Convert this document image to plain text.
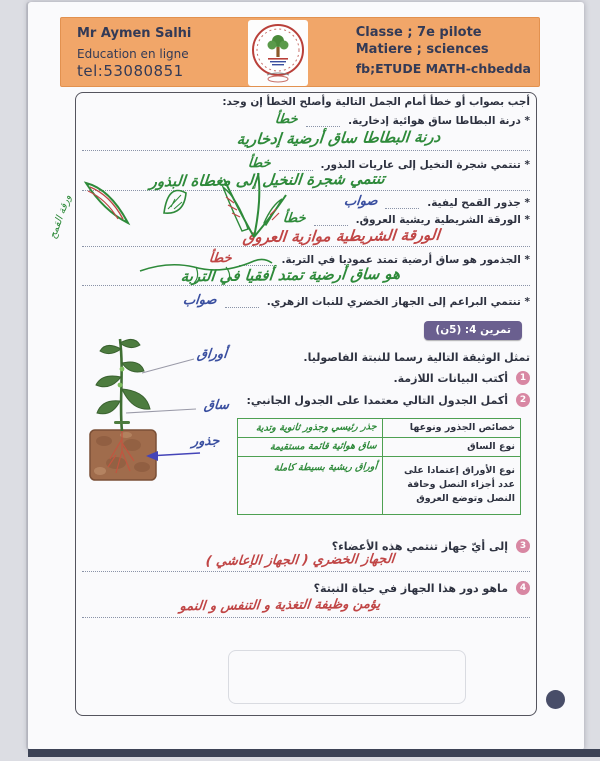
Mr Aymen Salhi
Education en ligne
tel:53080851
Classe ; 7e pilote
Matiere ; sciences
fb;ETUDE MATH-chbedda
أجب بصواب أو خطأ أمام الجمل التالية وأصلح الخطأ إن وجد:
* درنة البطاطا ساق هوائية إدخارية.
خطأ
درنة البطاطا ساق أرضية إدخارية
* تنتمي شجرة النخيل إلى عاريات البذور.
خطأ
تنتمي شجرة النخيل إلى مغطاة البذور
* جذور القمح ليفية.
صواب
* الورقة الشريطية ريشية العروق.
خطأ
الورقة الشريطية موازية العروق
* الجذمور هو ساق أرضية تمتد عموديا في التربة.
خطأ
هو ساق أرضية تمتد أفقيا في التربة
* تنتمي البراعم إلى الجهاز الخضري للنبات الزهري.
صواب
ورقة القمح
تمرين 4: (5ن)
تمثل الوثيقة التالية رسما للنبتة الفاصوليا.
1
أكتب البيانات اللازمة.
2
أكمل الجدول التالي معتمدا على الجدول الجانبي:
أوراق
ساق
جذور
خصائص الجذور ونوعها	جذر رئيسي وجذور ثانوية وتدية
نوع الساق	ساق هوائية قائمة مستقيمة
نوع الأوراق إعتمادا على عدد أجزاء النصل وحافة النصل وتوضع العروق	أوراق ريشية بسيطة كاملة
3
إلى أيّ جهاز تنتمي هذه الأعضاء؟
الجهاز الخضري ( الجهاز الإعاشي )
4
ماهو دور هذا الجهاز في حياة النبتة؟
يؤمن وظيفة التغذية و التنفس و النمو
